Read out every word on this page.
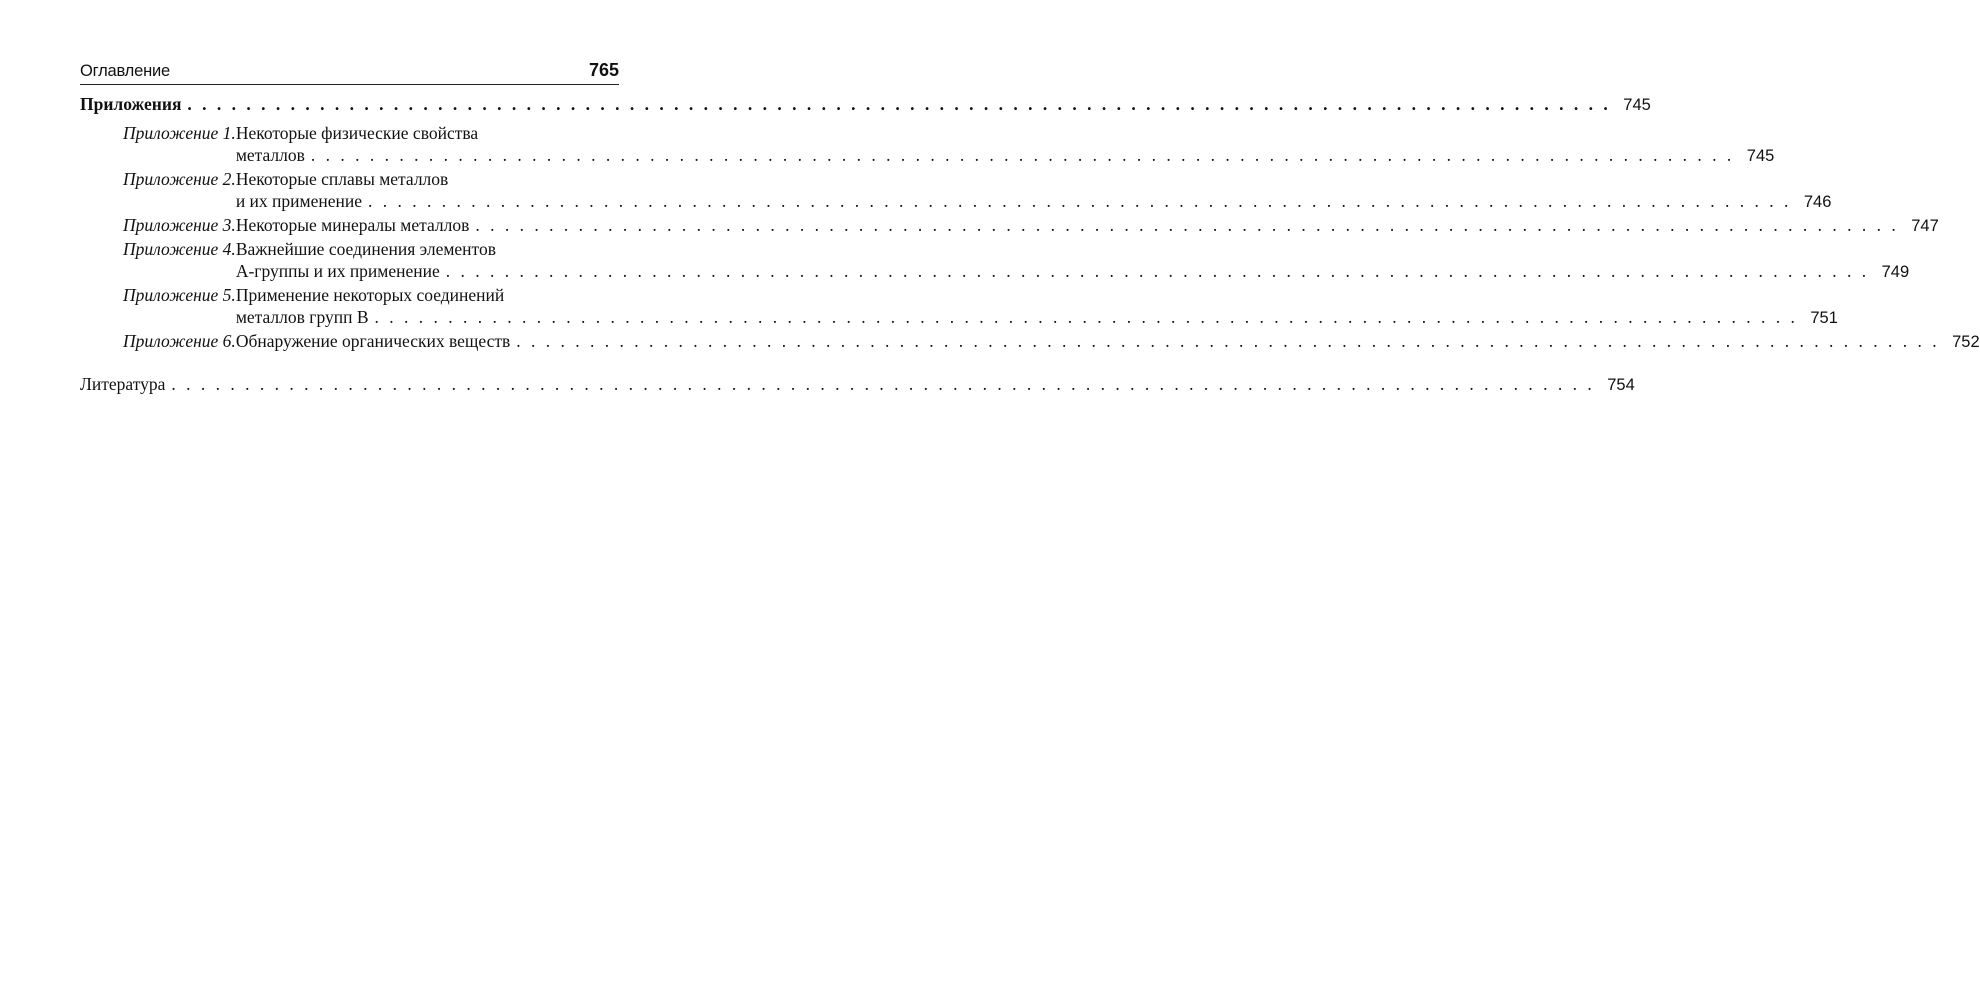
Оглавление	765
Приложения . . .	745
Приложение 1. Некоторые физические свойства
металлов . . .	745
Приложение 2. Некоторые сплавы металлов
и их применение . . .	746
Приложение 3. Некоторые минералы металлов . . .	747
Приложение 4. Важнейшие соединения элементов
А-группы и их применение . . .	749
Приложение 5. Применение некоторых соединений
металлов групп В . . .	751
Приложение 6. Обнаружение органических веществ . . .	752
Литература . . .	754
